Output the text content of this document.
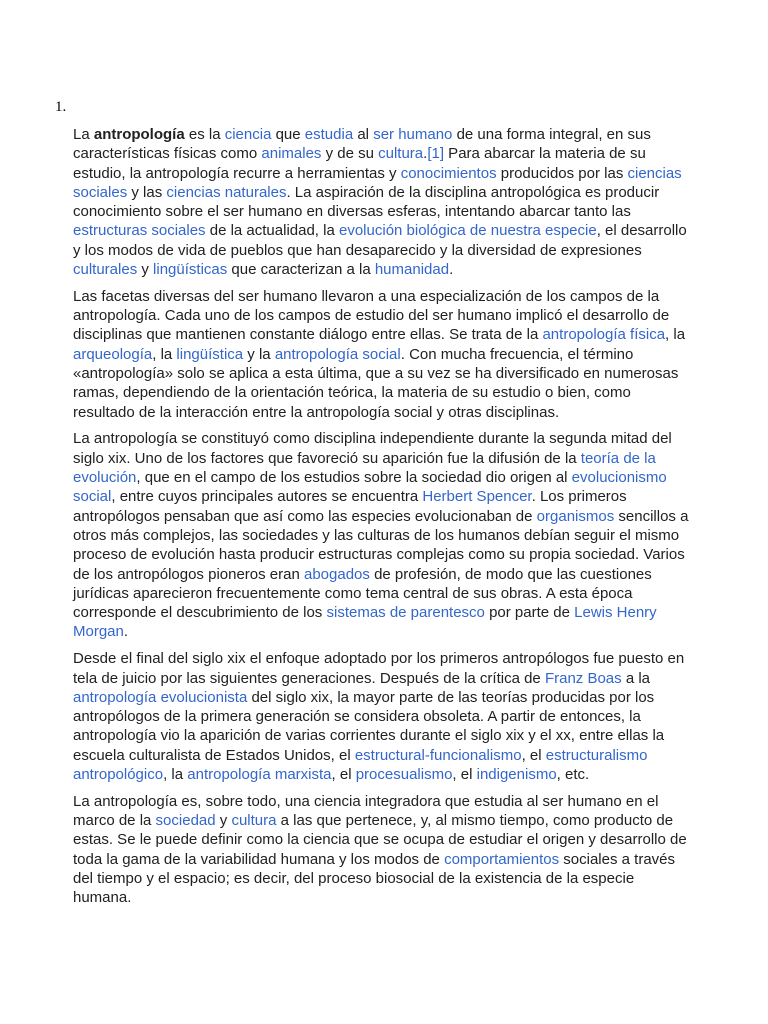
1.

La antropología es la ciencia que estudia al ser humano de una forma integral, en sus características físicas como animales y de su cultura.[1] Para abarcar la materia de su estudio, la antropología recurre a herramientas y conocimientos producidos por las ciencias sociales y las ciencias naturales. La aspiración de la disciplina antropológica es producir conocimiento sobre el ser humano en diversas esferas, intentando abarcar tanto las estructuras sociales de la actualidad, la evolución biológica de nuestra especie, el desarrollo y los modos de vida de pueblos que han desaparecido y la diversidad de expresiones culturales y lingüísticas que caracterizan a la humanidad.

Las facetas diversas del ser humano llevaron a una especialización de los campos de la antropología. Cada uno de los campos de estudio del ser humano implicó el desarrollo de disciplinas que mantienen constante diálogo entre ellas. Se trata de la antropología física, la arqueología, la lingüística y la antropología social. Con mucha frecuencia, el término «antropología» solo se aplica a esta última, que a su vez se ha diversificado en numerosas ramas, dependiendo de la orientación teórica, la materia de su estudio o bien, como resultado de la interacción entre la antropología social y otras disciplinas.

La antropología se constituyó como disciplina independiente durante la segunda mitad del siglo xix. Uno de los factores que favoreció su aparición fue la difusión de la teoría de la evolución, que en el campo de los estudios sobre la sociedad dio origen al evolucionismo social, entre cuyos principales autores se encuentra Herbert Spencer. Los primeros antropólogos pensaban que así como las especies evolucionaban de organismos sencillos a otros más complejos, las sociedades y las culturas de los humanos debían seguir el mismo proceso de evolución hasta producir estructuras complejas como su propia sociedad. Varios de los antropólogos pioneros eran abogados de profesión, de modo que las cuestiones jurídicas aparecieron frecuentemente como tema central de sus obras. A esta época corresponde el descubrimiento de los sistemas de parentesco por parte de Lewis Henry Morgan.

Desde el final del siglo xix el enfoque adoptado por los primeros antropólogos fue puesto en tela de juicio por las siguientes generaciones. Después de la crítica de Franz Boas a la antropología evolucionista del siglo xix, la mayor parte de las teorías producidas por los antropólogos de la primera generación se considera obsoleta. A partir de entonces, la antropología vio la aparición de varias corrientes durante el siglo xix y el xx, entre ellas la escuela culturalista de Estados Unidos, el estructural-funcionalismo, el estructuralismo antropológico, la antropología marxista, el procesualismo, el indigenismo, etc.

La antropología es, sobre todo, una ciencia integradora que estudia al ser humano en el marco de la sociedad y cultura a las que pertenece, y, al mismo tiempo, como producto de estas. Se le puede definir como la ciencia que se ocupa de estudiar el origen y desarrollo de toda la gama de la variabilidad humana y los modos de comportamientos sociales a través del tiempo y el espacio; es decir, del proceso biosocial de la existencia de la especie humana.
